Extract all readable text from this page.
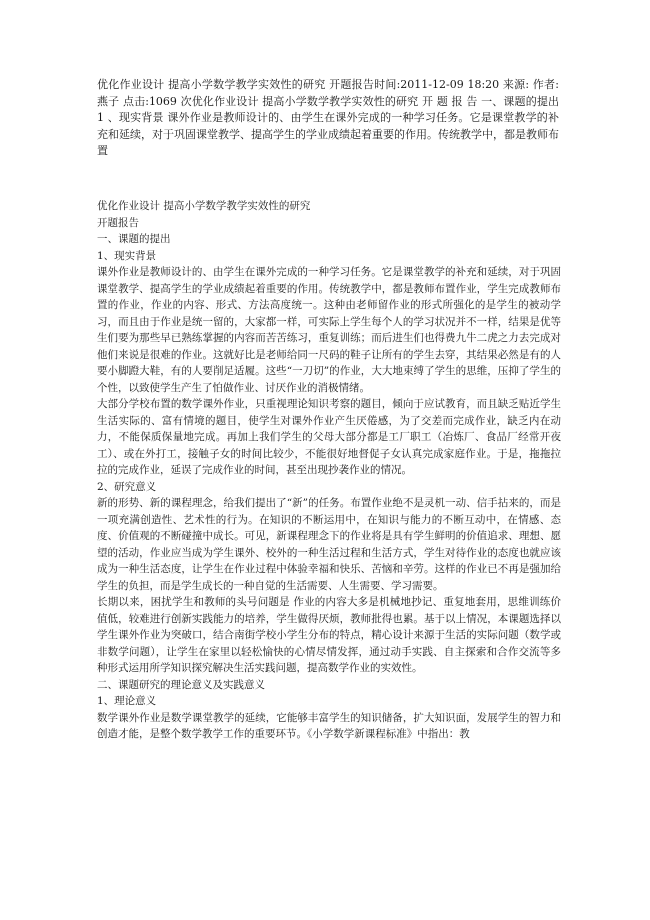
优化作业设计 提高小学数学教学实效性的研究 开题报告时间:2011-12-09 18:20 来源: 作者: 燕子 点击:1069 次优化作业设计 提高小学数学教学实效性的研究 开 题 报 告 一、课题的提出 1 、现实背景 课外作业是教师设计的、由学生在课外完成的一种学习任务。它是课堂教学的补充和延续，对于巩固课堂教学、提高学生的学业成绩起着重要的作用。传统教学中，都是教师布置

优化作业设计 提高小学数学教学实效性的研究

开题报告

一、课题的提出

1、现实背景

课外作业是教师设计的、由学生在课外完成的一种学习任务。它是课堂教学的补充和延续，对于巩固课堂教学、提高学生的学业成绩起着重要的作用。传统教学中，都是教师布置作业，学生完成教师布置的作业，作业的内容、形式、方法高度统一。这种由老师留作业的形式所强化的是学生的被动学习，而且由于作业是统一留的，大家都一样，可实际上学生每个人的学习状况并不一样，结果是优等生们要为那些早已熟练掌握的内容而苦苦练习，重复训练；而后进生们也得费九牛二虎之力去完成对他们来说是很难的作业。这就好比是老师给同一尺码的鞋子让所有的学生去穿，其结果必然是有的人要小脚蹬大鞋，有的人要削足适履。这些“一刀切”的作业，大大地束缚了学生的思维，压抑了学生的个性，以致使学生产生了怕做作业、讨厌作业的消极情绪。

大部分学校布置的数学课外作业，只重视理论知识考察的题目，倾向于应试教育，而且缺乏贴近学生生活实际的、富有情境的题目，使学生对课外作业产生厌倦感，为了交差而完成作业，缺乏内在动力，不能保质保量地完成。再加上我们学生的父母大部分都是工厂职工（冶炼厂、食品厂经常开夜工）、或在外打工，接触子女的时间比较少，不能很好地督促子女认真完成家庭作业。于是，拖拖拉拉的完成作业，延误了完成作业的时间，甚至出现抄袭作业的情况。

2、研究意义

新的形势、新的课程理念，给我们提出了“新”的任务。布置作业绝不是灵机一动、信手拈来的，而是一项充满创造性、艺术性的行为。在知识的不断运用中，在知识与能力的不断互动中，在情感、态度、价值观的不断碰撞中成长。可见，新课程理念下的作业将是具有学生鲜明的价值追求、理想、愿望的活动，作业应当成为学生课外、校外的一种生活过程和生活方式，学生对待作业的态度也就应该成为一种生活态度，让学生在作业过程中体验幸福和快乐、苦恼和辛劳。这样的作业已不再是强加给学生的负担，而是学生成长的一种自觉的生活需要、人生需要、学习需要。

长期以来，困扰学生和教师的头号问题是 作业的内容大多是机械地抄记、重复地套用，思维训练价值低，较难进行创新实践能力的培养，学生做得厌烦，教师批得也累。基于以上情况，本课题选择以学生课外作业为突破口，结合南街学校小学生分布的特点，精心设计来源于生活的实际问题（数学或非数学问题），让学生在家里以轻松愉快的心情尽情发挥，通过动手实践、自主探索和合作交流等多种形式运用所学知识探究解决生活实践问题，提高数学作业的实效性。

二、课题研究的理论意义及实践意义

1、理论意义

数学课外作业是数学课堂教学的延续，它能够丰富学生的知识储备，扩大知识面，发展学生的智力和创造才能，是整个数学教学工作的重要环节。《小学数学新课程标准》中指出：教
